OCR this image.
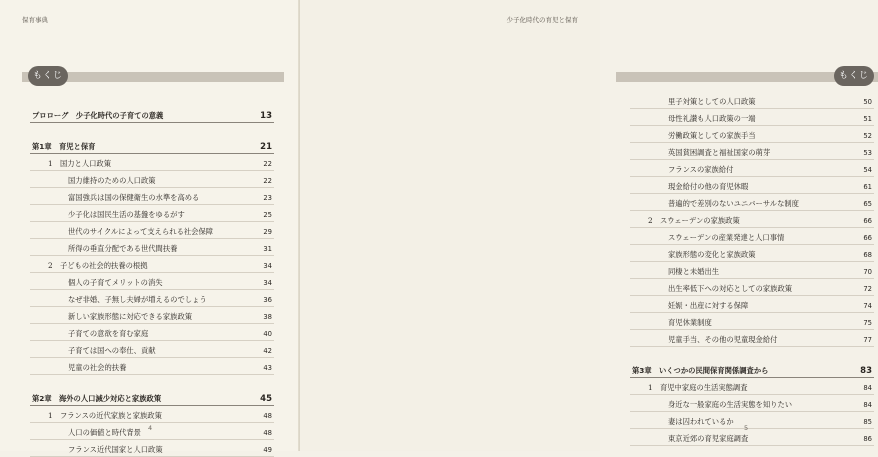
保育事典
もくじ
プロローグ　少子化時代の子育ての意義	13
第1章　育児と保育	21
1　国力と人口政策	22
国力維持のための人口政策	22
富国強兵は国の保健衛生の水準を高める	23
少子化は国民生活の基盤をゆるがす	25
世代のサイクルによって支えられる社会保障	29
所得の垂直分配である世代間扶養	31
2　子どもの社会的扶養の根拠	34
個人の子育てメリットの消失	34
なぜ非婚、子無し夫婦が増えるのでしょう	36
新しい家族形態に対応できる家族政策	38
子育ての意欲を育む家庭	40
子育ては国への奉仕、貢献	42
児童の社会的扶養	43
第2章　海外の人口減少対応と家族政策	45
1　フランスの近代家族と家族政策	48
人口の価値と時代背景	48
フランス近代国家と人口政策	49
4
少子化時代の育児と保育
もくじ
里子対策としての人口政策	50
母性礼讃も人口政策の一端	51
労働政策としての家族手当	52
英国貧困調査と福祉国家の萌芽	53
フランスの家族給付	54
現金給付の他の育児休暇	61
普遍的で差別のないユニバーサルな制度	65
2　スウェーデンの家族政策	66
スウェーデンの産業発達と人口事情	66
家族形態の変化と家族政策	68
同棲と未婚出生	70
出生率低下への対応としての家族政策	72
妊娠・出産に対する保障	74
育児休業制度	75
児童手当、その他の児童現金給付	77
第3章　いくつかの民間保育関係調査から	83
1　育児中家庭の生活実態調査	84
身近な一般家庭の生活実態を知りたい	84
妻は囚われているか	85
東京近郊の育児家庭調査	86
5
